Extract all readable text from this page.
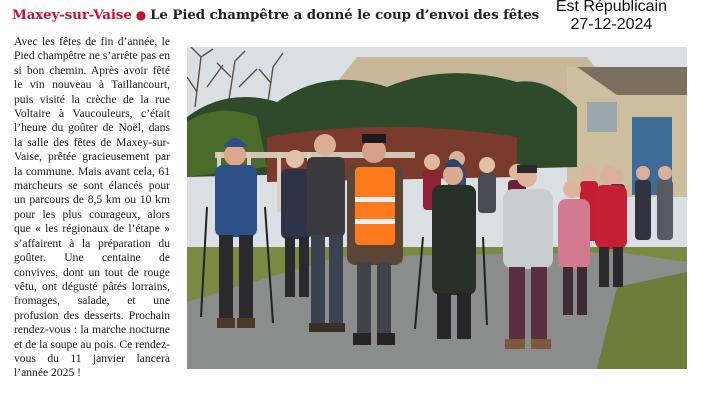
Maxey-sur-Vaise ● Le Pied champêtre a donné le coup d’envoi des fêtes Est Républicain
27-12-2024

Avec les fêtes de fin d’année, le Pied champêtre ne s’arrête pas en si bon chemin. Après avoir fêté le vin nouveau à Taillancourt, puis visité la crèche de la rue Voltaire à Vaucouleurs, c’était l’heure du goûter de Noël, dans la salle des fêtes de Maxey-sur-Vaise, prêtée gracieusement par la commune. Mais avant cela, 61 marcheurs se sont élancés pour un parcours de 8,5 km ou 10 km pour les plus courageux, alors que « les régionaux de l’étape » s’affairent à la préparation du goûter. Une centaine de convives, dont un tout de rouge vêtu, ont dégusté pâtés lorrains, fromages, salade, et une profusion des desserts. Prochain rendez-vous : la marche nocturne et de la soupe au pois. Ce rendez-vous du 11 janvier lancera l’année 2025 !
